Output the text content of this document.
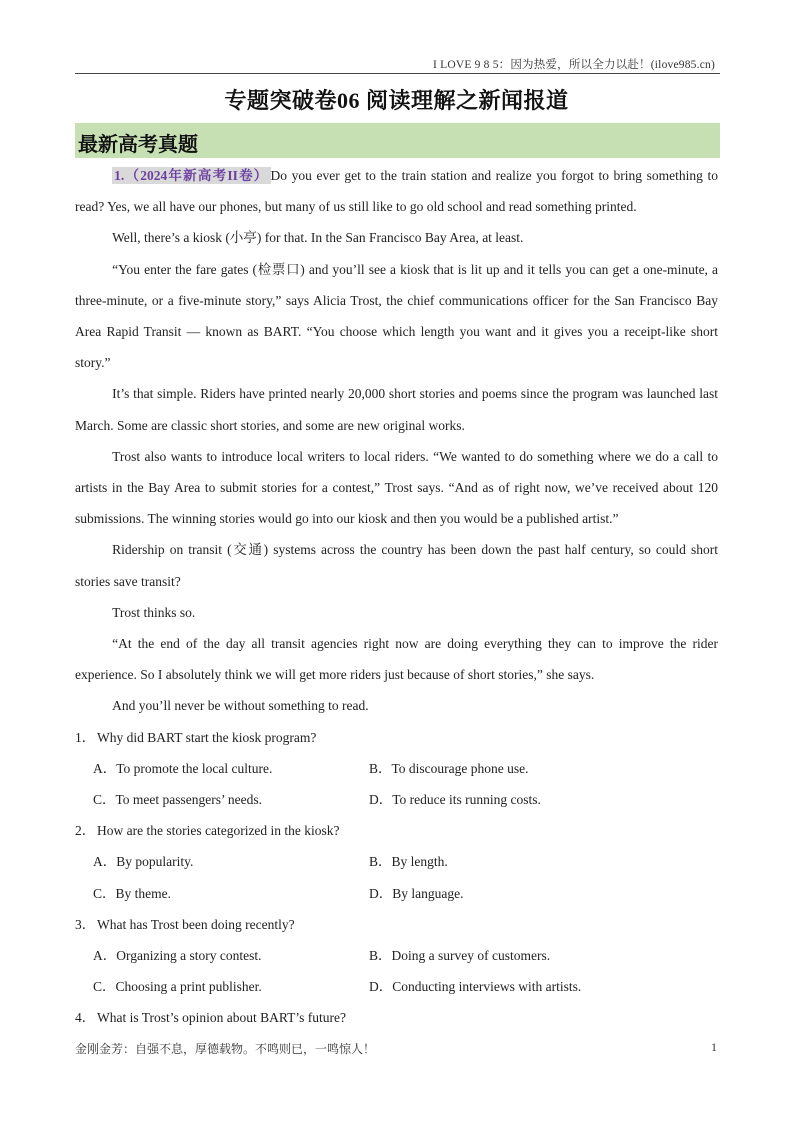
I LOVE 9 8 5：因为热爱，所以全力以赴！(ilove985.cn)
专题突破卷06 阅读理解之新闻报道
最新高考真题

1.（2024年新高考II卷） Do you ever get to the train station and realize you forgot to bring something to read? Yes, we all have our phones, but many of us still like to go old school and read something printed.

Well, there’s a kiosk (小亭) for that. In the San Francisco Bay Area, at least.

“You enter the fare gates (检票口) and you’ll see a kiosk that is lit up and it tells you can get a one-minute, a three-minute, or a five-minute story,” says Alicia Trost, the chief communications officer for the San Francisco Bay Area Rapid Transit — known as BART. “You choose which length you want and it gives you a receipt-like short story.”

It’s that simple. Riders have printed nearly 20,000 short stories and poems since the program was launched last March. Some are classic short stories, and some are new original works.

Trost also wants to introduce local writers to local riders. “We wanted to do something where we do a call to artists in the Bay Area to submit stories for a contest,” Trost says. “And as of right now, we’ve received about 120 submissions. The winning stories would go into our kiosk and then you would be a published artist.”

Ridership on transit (交通) systems across the country has been down the past half century, so could short stories save transit?

Trost thinks so.

“At the end of the day all transit agencies right now are doing everything they can to improve the rider experience. So I absolutely think we will get more riders just because of short stories,” she says.

And you’ll never be without something to read.

1． Why did BART start the kiosk program?

A．To promote the local culture.	B．To discourage phone use.
C．To meet passengers’ needs.	D．To reduce its running costs.

2． How are the stories categorized in the kiosk?

A．By popularity.	B．By length.
C．By theme.	D．By language.

3． What has Trost been doing recently?

A．Organizing a story contest.	B．Doing a survey of customers.
C．Choosing a print publisher.	D．Conducting interviews with artists.

4． What is Trost’s opinion about BART’s future?

金刚金芳：自强不息，厚德载物。不鸣则已，一鸣惊人！	1
